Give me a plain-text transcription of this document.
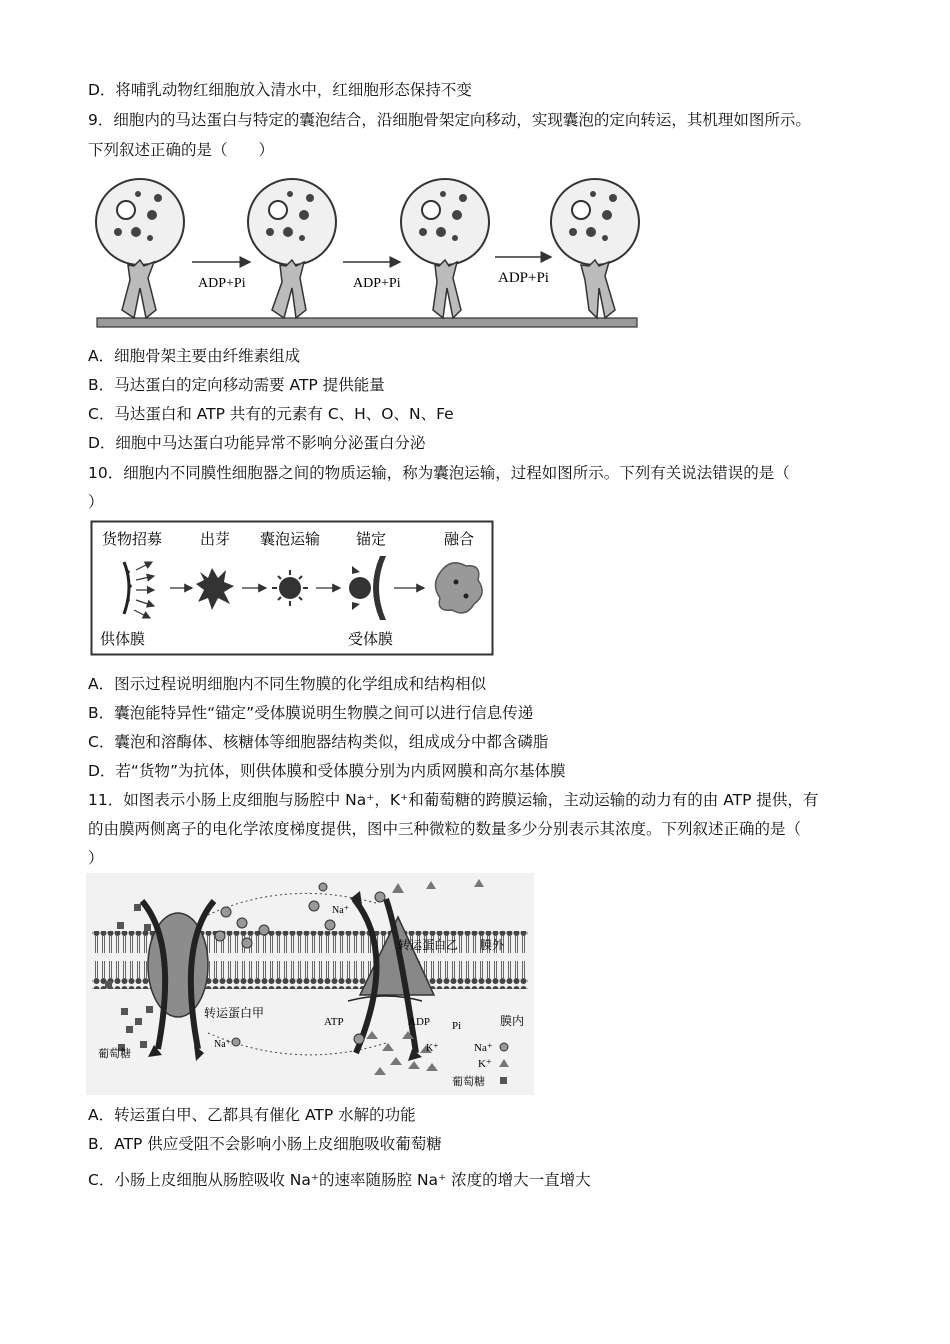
D．将哺乳动物红细胞放入清水中，红细胞形态保持不变
9．细胞内的马达蛋白与特定的囊泡结合，沿细胞骨架定向移动，实现囊泡的定向转运，其机理如图所示。
下列叙述正确的是（　　）
ADP+Pi	ADP+Pi	ADP+Pi
A．细胞骨架主要由纤维素组成
B．马达蛋白的定向移动需要 ATP 提供能量
C．马达蛋白和 ATP 共有的元素有 C、H、O、N、Fe
D．细胞中马达蛋白功能异常不影响分泌蛋白分泌
10．细胞内不同膜性细胞器之间的物质运输，称为囊泡运输，过程如图所示。下列有关说法错误的是（
）
货物招募	出芽 囊泡运输 锚定	融合
供体膜	受体膜
A．图示过程说明细胞内不同生物膜的化学组成和结构相似
B．囊泡能特异性“锚定”受体膜说明生物膜之间可以进行信息传递
C．囊泡和溶酶体、核糖体等细胞器结构类似，组成成分中都含磷脂
D．若“货物”为抗体，则供体膜和受体膜分别为内质网膜和高尔基体膜
11．如图表示小肠上皮细胞与肠腔中 Na⁺，K⁺和葡萄糖的跨膜运输，主动运输的动力有的由 ATP 提供，有
的由膜两侧离子的电化学浓度梯度提供，图中三种微粒的数量多少分别表示其浓度。下列叙述正确的是（
）
Na⁺
转运蛋白乙 膜外
转运蛋白甲
ATP	ADP Pi	膜内
Na⁺	K⁺
葡萄糖	Na⁺
K⁺
葡萄糖
A．转运蛋白甲、乙都具有催化 ATP 水解的功能
B．ATP 供应受阻不会影响小肠上皮细胞吸收葡萄糖
C．小肠上皮细胞从肠腔吸收 Na⁺的速率随肠腔 Na⁺ 浓度的增大一直增大
